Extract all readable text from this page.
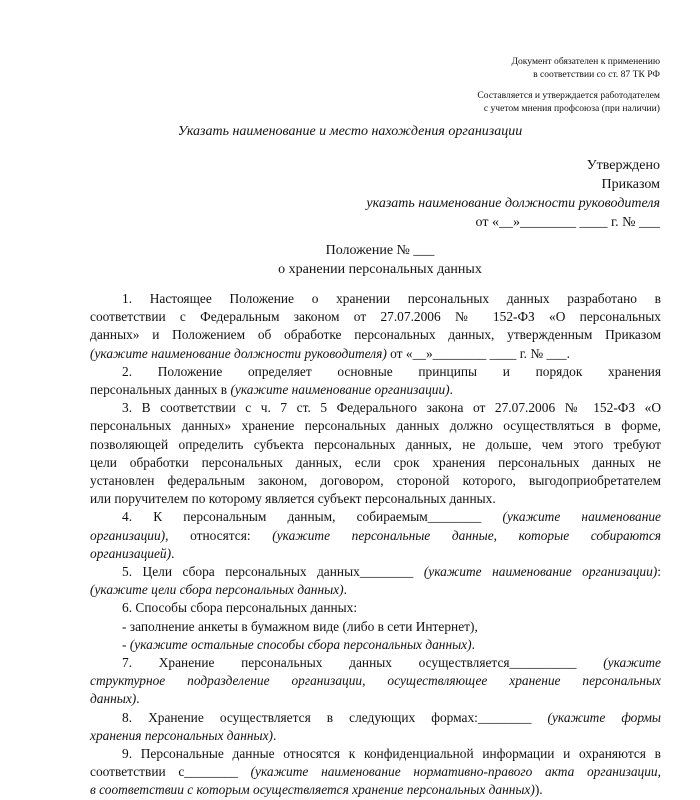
Документ обязателен к применению
в соответствии со ст. 87 ТК РФ
Составляется и утверждается работодателем
с учетом мнения профсоюза (при наличии)
Указать наименование и место нахождения организации
Утверждено
Приказом
указать наименование должности руководителя
от «__»________ ____ г. № ___
Положение № ___
о хранении персональных данных

1. Настоящее Положение о хранении персональных данных разработано в

соответствии с Федеральным законом от 27.07.2006 № 152-ФЗ «О персональных

данных» и Положением об обработке персональных данных, утвержденным Приказом

(укажите наименование должности руководителя) от «__»________ ____ г. № ___.

2. Положение определяет основные принципы и порядок хранения

персональных данных в (укажите наименование организации).

3. В соответствии с ч. 7 ст. 5 Федерального закона от 27.07.2006 № 152-ФЗ «О

персональных данных» хранение персональных данных должно осуществляться в форме,

позволяющей определить субъекта персональных данных, не дольше, чем этого требуют

цели обработки персональных данных, если срок хранения персональных данных не

установлен федеральным законом, договором, стороной которого, выгодоприобретателем

или поручителем по которому является субъект персональных данных.

4. К персональным данным, собираемым________ (укажите наименование

организации), относятся: (укажите персональные данные, которые собираются

организацией).

5. Цели сбора персональных данных________ (укажите наименование организации):

(укажите цели сбора персональных данных).

6. Способы сбора персональных данных:

- заполнение анкеты в бумажном виде (либо в сети Интернет),

- (укажите остальные способы сбора персональных данных).

7. Хранение персональных данных осуществляется__________ (укажите

структурное подразделение организации, осуществляющее хранение персональных

данных).

8. Хранение осуществляется в следующих формах:________ (укажите формы

хранения персональных данных).

9. Персональные данные относятся к конфиденциальной информации и охраняются в

соответствии с________ (укажите наименование нормативно-правого акта организации,

в соответствии с которым осуществляется хранение персональных данных)).
